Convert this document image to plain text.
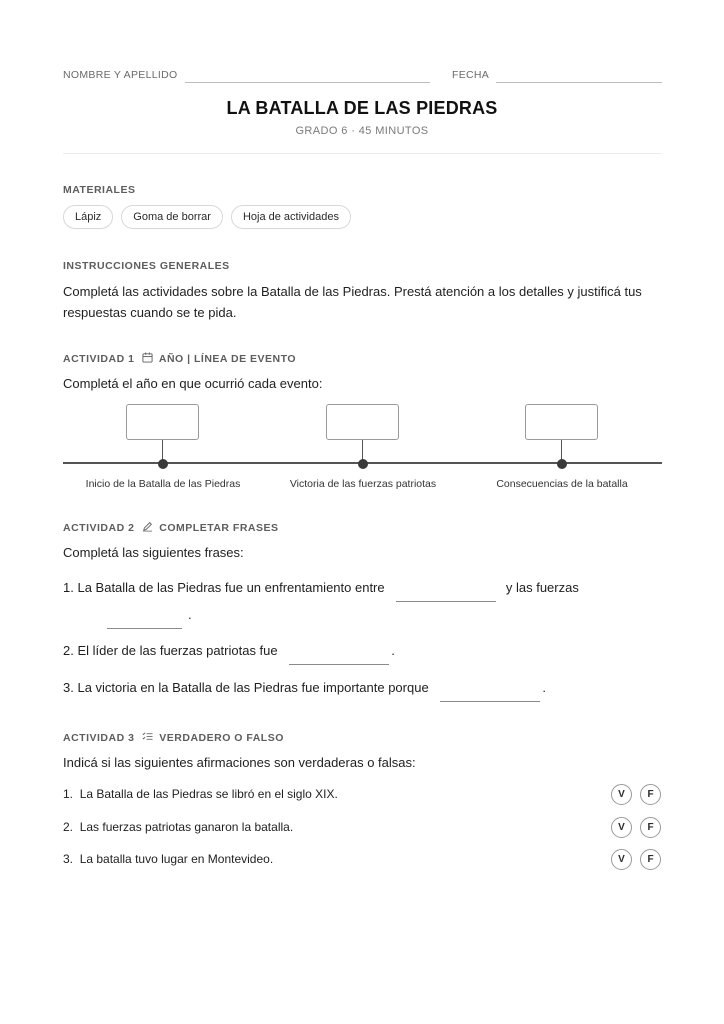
NOMBRE Y APELLIDO	FECHA
LA BATALLA DE LAS PIEDRAS
GRADO 6 · 45 MINUTOS
MATERIALES
Lápiz	Goma de borrar	Hoja de actividades
INSTRUCCIONES GENERALES

Completá las actividades sobre la Batalla de las Piedras. Prestá atención a los detalles y justificá tus respuestas cuando se te pida.

ACTIVIDAD 1 AÑO | LÍNEA DE EVENTO

Completá el año en que ocurrió cada evento:

Inicio de la Batalla de las Piedras	Victoria de las fuerzas patriotas	Consecuencias de la batalla
ACTIVIDAD 2 COMPLETAR FRASES

Completá las siguientes frases:

1. La Batalla de las Piedras fue un enfrentamiento entre	y las fuerzas
.
2. El líder de las fuerzas patriotas fue	.
3. La victoria en la Batalla de las Piedras fue importante porque	.
ACTIVIDAD 3 VERDADERO O FALSO

Indicá si las siguientes afirmaciones son verdaderas o falsas:

1. La Batalla de las Piedras se libró en el siglo XIX.	V	F
2. Las fuerzas patriotas ganaron la batalla.	V	F
3. La batalla tuvo lugar en Montevideo.	V	F
